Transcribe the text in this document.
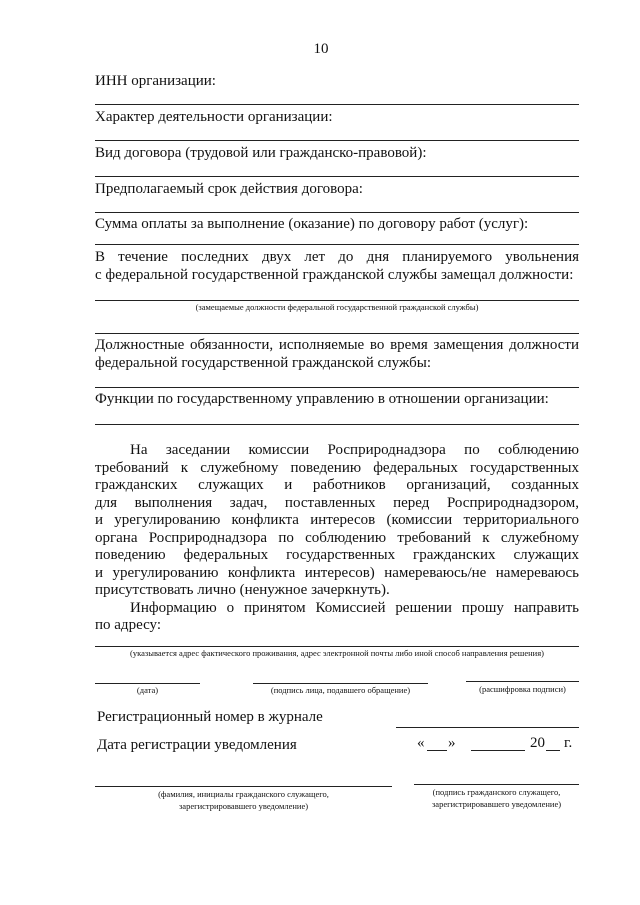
10
ИНН организации:
Характер деятельности организации:
Вид договора (трудовой или гражданско-правовой):
Предполагаемый срок действия договора:
Сумма оплаты за выполнение (оказание) по договору работ (услуг):
В течение последних двух лет до дня планируемого увольнения
с федеральной государственной гражданской службы замещал должности:
(замещаемые должности федеральной государственной гражданской службы)
Должностные обязанности, исполняемые во время замещения должности
федеральной государственной гражданской службы:
Функции по государственному управлению в отношении организации:
На заседании комиссии Росприроднадзора по соблюдению
требований к служебному поведению федеральных государственных
гражданских служащих и работников организаций, созданных
для выполнения задач, поставленных перед Росприроднадзором,
и урегулированию конфликта интересов (комиссии территориального
органа Росприроднадзора по соблюдению требований к служебному
поведению федеральных государственных гражданских служащих
и урегулированию конфликта интересов) намереваюсь/не намереваюсь
присутствовать лично (ненужное зачеркнуть).
Информацию о принятом Комиссией решении прошу направить
по адресу:
(указывается адрес фактического проживания, адрес электронной почты либо иной способ направления решения)
(дата)	(подпись лица, подавшего обращение)	(расшифровка подписи)
Регистрационный номер в журнале
Дата регистрации уведомления	« »	20 г.
(фамилия, инициалы гражданского служащего,
зарегистрировавшего уведомление)
(подпись гражданского служащего,
зарегистрировавшего уведомление)
